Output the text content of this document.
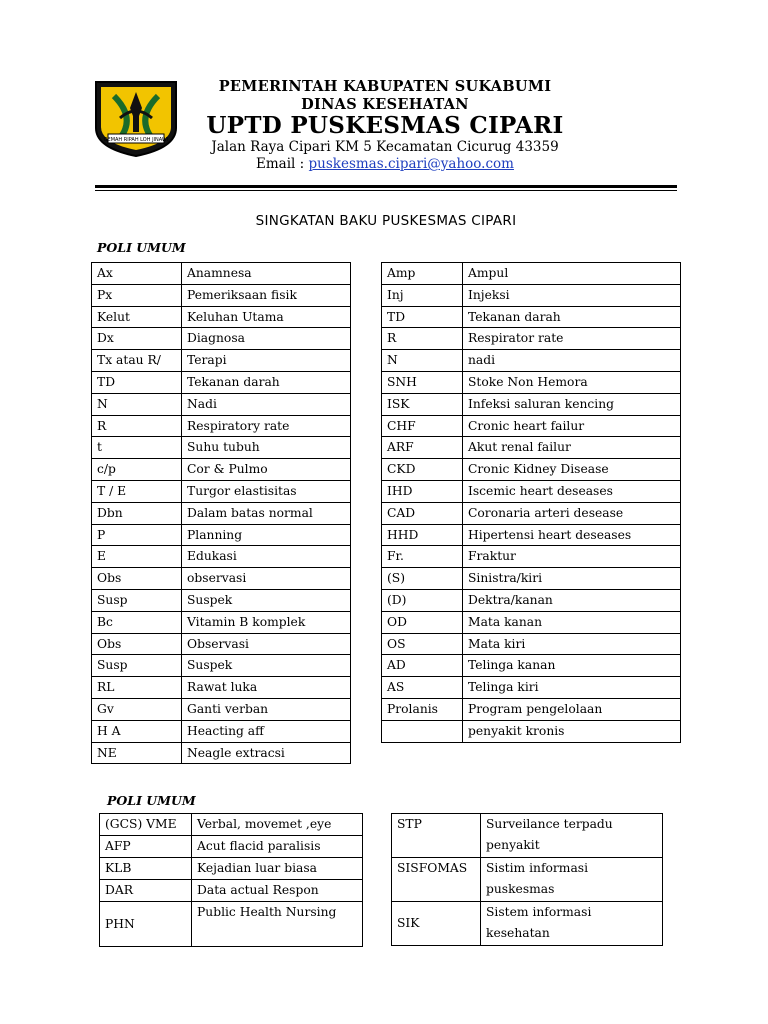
GEMAH RIPAH LOH JINAWI
PEMERINTAH KABUPATEN SUKABUMI
DINAS KESEHATAN
UPTD PUSKESMAS CIPARI
Jalan Raya Cipari KM 5 Kecamatan Cicurug 43359
Email : puskesmas.cipari@yahoo.com
SINGKATAN BAKU PUSKESMAS CIPARI
POLI UMUM
Ax	Anamnesa
Px	Pemeriksaan fisik
Kelut	Keluhan Utama
Dx	Diagnosa
Tx atau R/	Terapi
TD	Tekanan darah
N	Nadi
R	Respiratory rate
t	Suhu tubuh
c/p	Cor & Pulmo
T / E	Turgor elastisitas
Dbn	Dalam batas normal
P	Planning
E	Edukasi
Obs	observasi
Susp	Suspek
Bc	Vitamin B komplek
Obs	Observasi
Susp	Suspek
RL	Rawat luka
Gv	Ganti verban
H A	Heacting aff
NE	Neagle extracsi
Amp	Ampul
Inj	Injeksi
TD	Tekanan darah
R	Respirator rate
N	nadi
SNH	Stoke Non Hemora
ISK	Infeksi saluran kencing
CHF	Cronic heart failur
ARF	Akut renal failur
CKD	Cronic Kidney Disease
IHD	Iscemic heart deseases
CAD	Coronaria arteri desease
HHD	Hipertensi heart deseases
Fr.	Fraktur
(S)	Sinistra/kiri
(D)	Dektra/kanan
OD	Mata kanan
OS	Mata kiri
AD	Telinga kanan
AS	Telinga kiri
Prolanis	Program pengelolaan
	penyakit kronis
POLI UMUM
(GCS) VME	Verbal, movemet ,eye
AFP	Acut flacid paralisis
KLB	Kejadian luar biasa
DAR	Data actual Respon
PHN	Public Health Nursing
STP	Surveilance terpadu
penyakit

SISFOMAS	Sistim informasi
puskesmas

SIK	Sistem informasi
kesehatan
